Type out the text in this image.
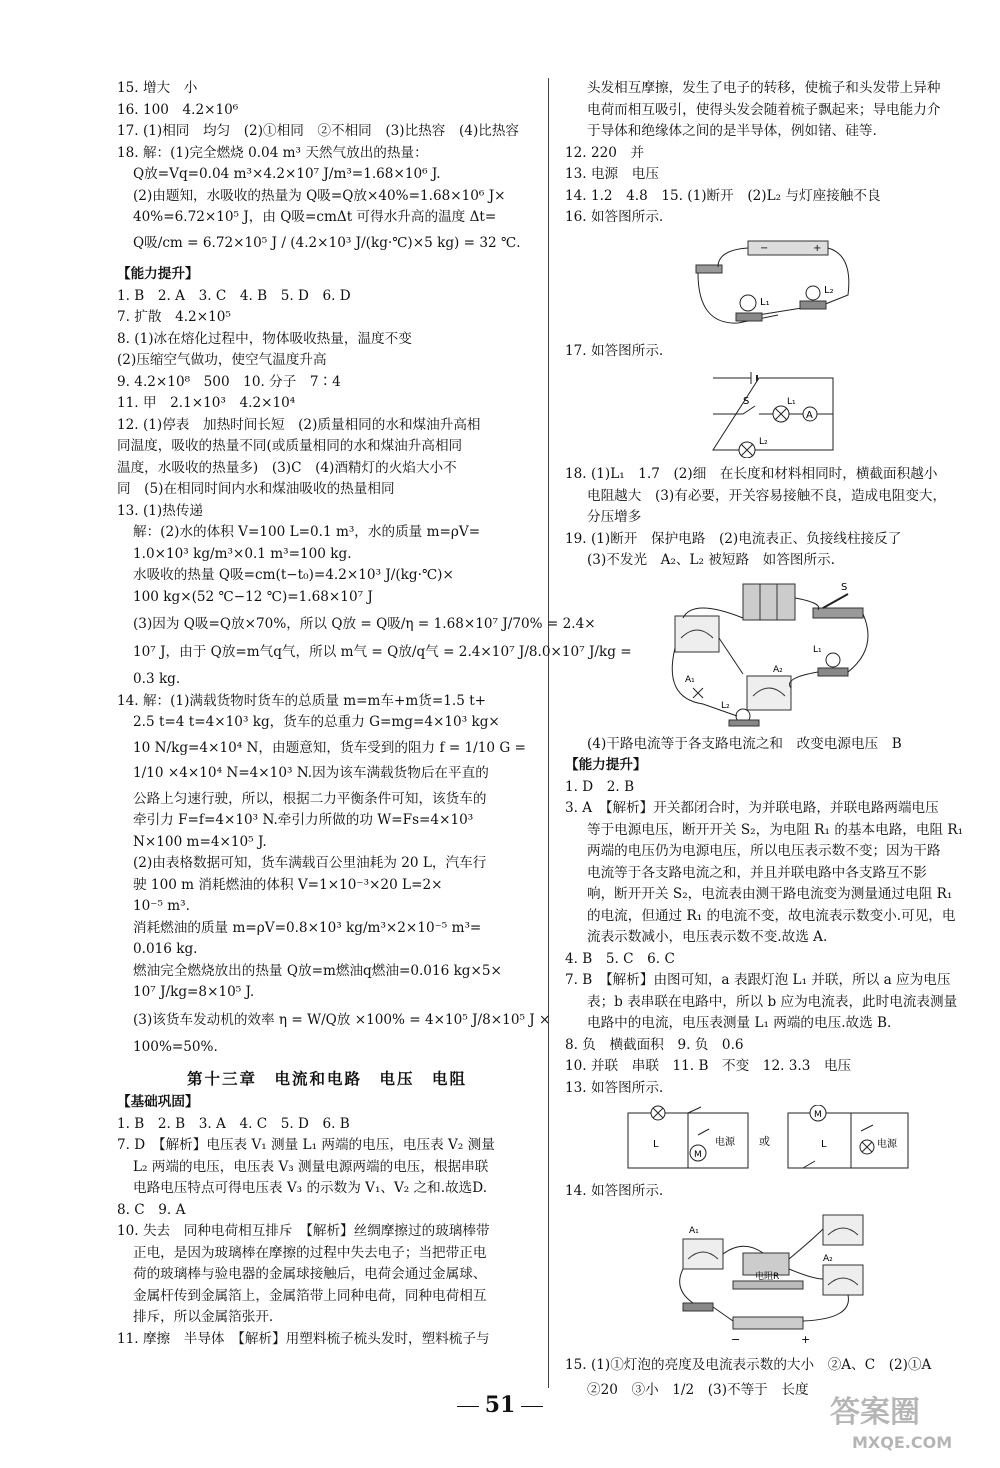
15. 增大　小
16. 100　4.2×10⁶
17. (1)相同　均匀　(2)①相同　②不相同　(3)比热容　(4)比热容
18. 解：(1)完全燃烧 0.04 m³ 天然气放出的热量：
Q放=Vq=0.04 m³×4.2×10⁷ J/m³=1.68×10⁶ J.
(2)由题知，水吸收的热量为 Q吸=Q放×40%=1.68×10⁶ J×
40%=6.72×10⁵ J，由 Q吸=cmΔt 可得水升高的温度 Δt=
Q吸/cm = 6.72×10⁵ J / (4.2×10³ J/(kg·℃)×5 kg) = 32 ℃.
【能力提升】
1. B　2. A　3. C　4. B　5. D　6. D
7. 扩散　4.2×10⁵
8. (1)冰在熔化过程中，物体吸收热量，温度不变
(2)压缩空气做功，使空气温度升高
9. 4.2×10⁸　500　10. 分子　7∶4
11. 甲　2.1×10³　4.2×10⁴
12. (1)停表　加热时间长短　(2)质量相同的水和煤油升高相
同温度，吸收的热量不同(或质量相同的水和煤油升高相同
温度，水吸收的热量多)　(3)C　(4)酒精灯的火焰大小不
同　(5)在相同时间内水和煤油吸收的热量相同
13. (1)热传递
解：(2)水的体积 V=100 L=0.1 m³，水的质量 m=ρV=
1.0×10³ kg/m³×0.1 m³=100 kg.
水吸收的热量 Q吸=cm(t−t₀)=4.2×10³ J/(kg·℃)×
100 kg×(52 ℃−12 ℃)=1.68×10⁷ J
(3)因为 Q吸=Q放×70%，所以 Q放 = Q吸/η = 1.68×10⁷ J/70% = 2.4×
10⁷ J，由于 Q放=m气q气，所以 m气 = Q放/q气 = 2.4×10⁷ J/8.0×10⁷ J/kg =
0.3 kg.
14. 解：(1)满载货物时货车的总质量 m=m车+m货=1.5 t+
2.5 t=4 t=4×10³ kg，货车的总重力 G=mg=4×10³ kg×
10 N/kg=4×10⁴ N，由题意知，货车受到的阻力 f = 1/10 G =
1/10 ×4×10⁴ N=4×10³ N.因为该车满载货物后在平直的
公路上匀速行驶，所以，根据二力平衡条件可知，该货车的
牵引力 F=f=4×10³ N.牵引力所做的功 W=Fs=4×10³
N×100 m=4×10⁵ J.
(2)由表格数据可知，货车满载百公里油耗为 20 L，汽车行
驶 100 m 消耗燃油的体积 V=1×10⁻³×20 L=2×
10⁻⁵ m³.
消耗燃油的质量 m=ρV=0.8×10³ kg/m³×2×10⁻⁵ m³=
0.016 kg.
燃油完全燃烧放出的热量 Q放=m燃油q燃油=0.016 kg×5×
10⁷ J/kg=8×10⁵ J.
(3)该货车发动机的效率 η = W/Q放 ×100% = 4×10⁵ J/8×10⁵ J ×
100%=50%.
第十三章　电流和电路　电压　电阻
【基础巩固】
1. B　2. B　3. A　4. C　5. D　6. B
7. D　【解析】电压表 V₁ 测量 L₁ 两端的电压，电压表 V₂ 测量
L₂ 两端的电压，电压表 V₃ 测量电源两端的电压，根据串联
电路电压特点可得电压表 V₃ 的示数为 V₁、V₂ 之和.故选D.
8. C　9. A
10. 失去　同种电荷相互排斥　【解析】丝绸摩擦过的玻璃棒带
正电，是因为玻璃棒在摩擦的过程中失去电子；当把带正电
荷的玻璃棒与验电器的金属球接触后，电荷会通过金属球、
金属杆传到金属箔上，金属箔带上同种电荷，同种电荷相互
排斥，所以金属箔张开.
11. 摩擦　半导体　【解析】用塑料梳子梳头发时，塑料梳子与
头发相互摩擦，发生了电子的转移，使梳子和头发带上异种
电荷而相互吸引，使得头发会随着梳子飘起来；导电能力介
于导体和绝缘体之间的是半导体，例如锗、硅等.
12. 220　并
13. 电源　电压
14. 1.2　4.8　15. (1)断开　(2)L₂ 与灯座接触不良
16. 如答图所示.
−	+
L₁
L₂
17. 如答图所示.
S	L₁
A
L₂
18. (1)L₁　1.7　(2)细　在长度和材料相同时，横截面积越小
电阻越大　(3)有必要，开关容易接触不良，造成电阻变大，
分压增多
19. (1)断开　保护电路　(2)电流表正、负接线柱接反了
(3)不发光　A₂、L₂ 被短路　如答图所示.
S
L₁
L₂
A₁
A₂
(4)干路电流等于各支路电流之和　改变电源电压　B
【能力提升】
1. D　2. B
3. A　【解析】开关都闭合时，为并联电路，并联电路两端电压
等于电源电压，断开开关 S₂，为电阻 R₁ 的基本电路，电阻 R₁
两端的电压仍为电源电压，所以电压表示数不变；因为干路
电流等于各支路电流之和，并且并联电路中各支路互不影
响，断开开关 S₂，电流表由测干路电流变为测量通过电阻 R₁
的电流，但通过 R₁ 的电流不变，故电流表示数变小.可见，电
流表示数减小，电压表示数不变.故选 A.
4. B　5. C　6. C
7. B　【解析】由图可知，a 表跟灯泡 L₁ 并联，所以 a 应为电压
表；b 表串联在电路中，所以 b 应为电流表，此时电流表测量
电路中的电流，电压表测量 L₁ 两端的电压.故选 B.
8. 负　横截面积　9. 负　0.6
10. 并联　串联　11. B　不变　12. 3.3　电压
13. 如答图所示.
L
M
电源 或
M
L	电源
14. 如答图所示.
A₁
A₂
电阻R
−	+
15. (1)①灯泡的亮度及电流表示数的大小　②A、C　(2)①A
②20　③小　1/2　(3)不等于　长度
51	答案圈
MXQE.COM
